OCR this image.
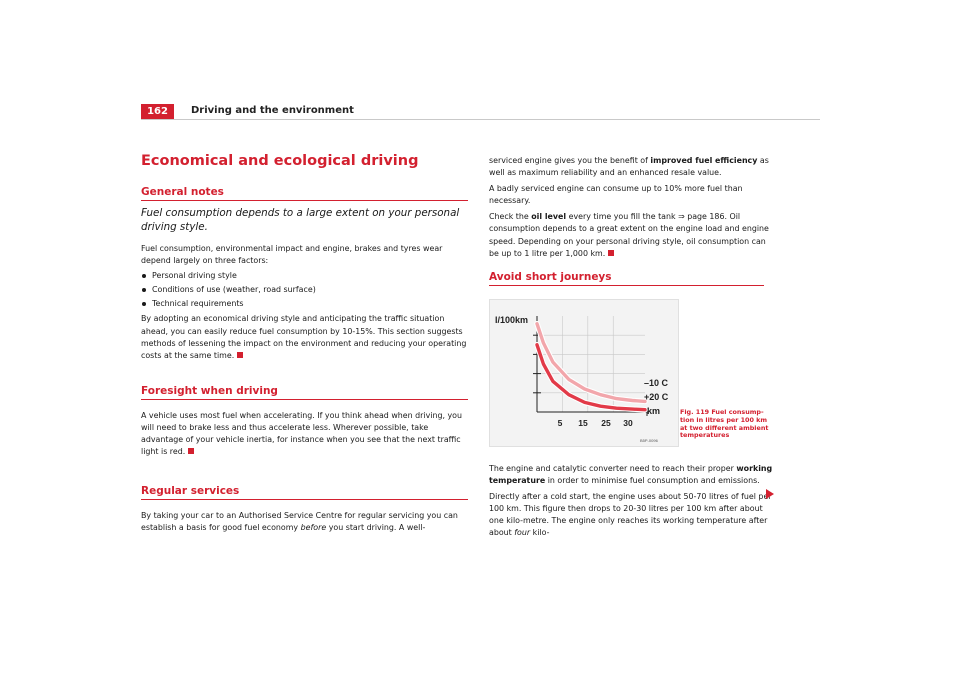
162	Driving and the environment
Economical and ecological driving
General notes
Fuel consumption depends to a large extent on your personal driving style.

Fuel consumption, environmental impact and engine, brakes and tyres wear depend largely on three factors:

Personal driving style
Conditions of use (weather, road surface)
Technical requirements

By adopting an economical driving style and anticipating the traffic situation ahead, you can easily reduce fuel consumption by 10-15%. This section suggests methods of lessening the impact on the environment and reducing your operating costs at the same time.

Foresight when driving

A vehicle uses most fuel when accelerating. If you think ahead when driving, you will need to brake less and thus accelerate less. Wherever possible, take advantage of your vehicle inertia, for instance when you see that the next traffic light is red.

Regular services

By taking your car to an Authorised Service Centre for regular servicing you can establish a basis for good fuel economy before you start driving. A well-

serviced engine gives you the benefit of improved fuel efficiency as well as maximum reliability and an enhanced resale value.

A badly serviced engine can consume up to 10% more fuel than necessary.

Check the oil level every time you fill the tank ⇒ page 186. Oil consumption depends to a great extent on the engine load and engine speed. Depending on your personal driving style, oil consumption can be up to 1 litre per 1,000 km.

Avoid short journeys
l/100km
km
5 15 25 30
–10 C
+20 C
B5P-0096
Fig. 119 Fuel consump-tion in litres per 100 km at two different ambient temperatures

The engine and catalytic converter need to reach their proper working temperature in order to minimise fuel consumption and emissions.

Directly after a cold start, the engine uses about 50-70 litres of fuel per 100 km. This figure then drops to 20-30 litres per 100 km after about one kilo-metre. The engine only reaches its working temperature after about four kilo-
